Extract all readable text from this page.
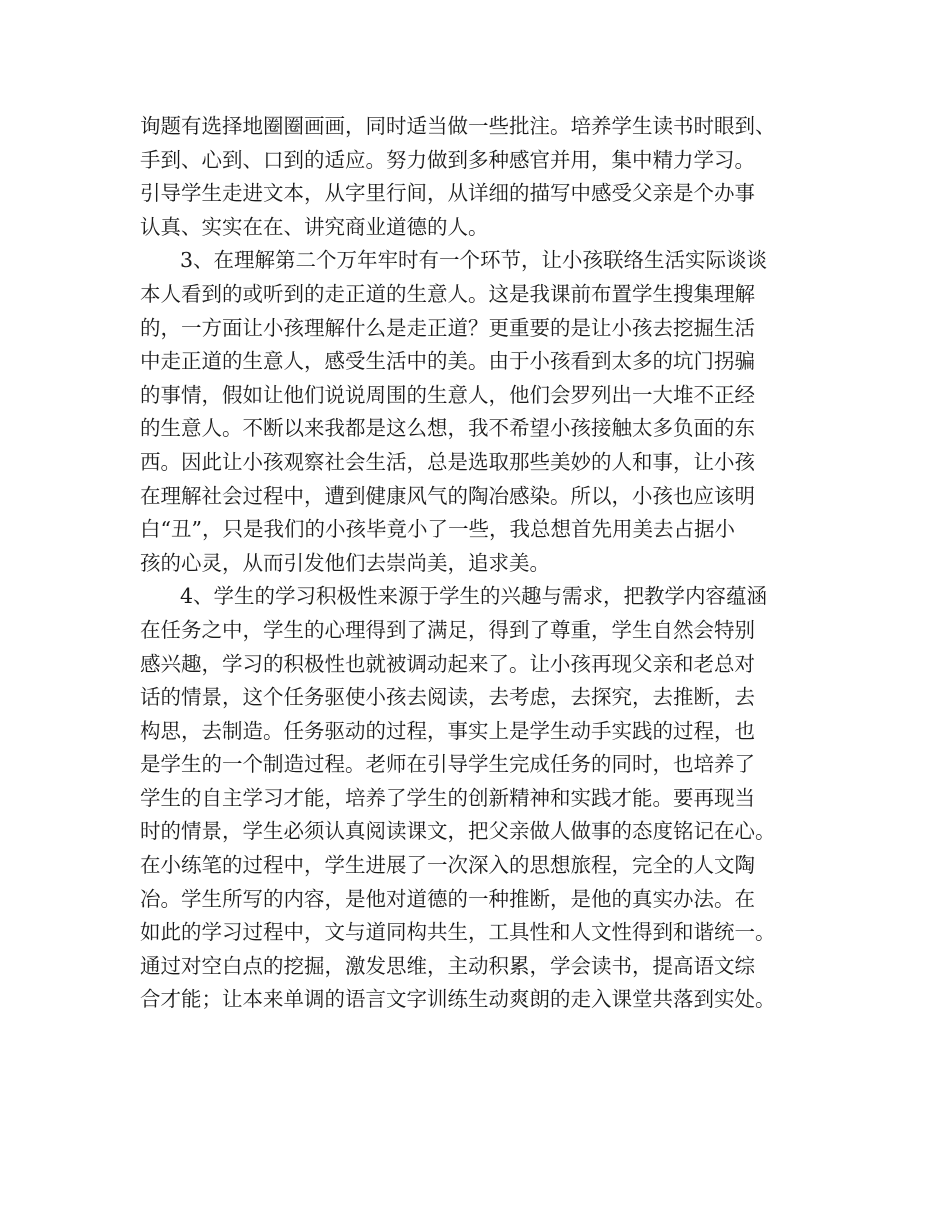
询题有选择地圈圈画画，同时适当做一些批注。培养学生读书时眼到、
手到、心到、口到的适应。努力做到多种感官并用，集中精力学习。
引导学生走进文本，从字里行间，从详细的描写中感受父亲是个办事
认真、实实在在、讲究商业道德的人。
3、在理解第二个万年牢时有一个环节，让小孩联络生活实际谈谈
本人看到的或听到的走正道的生意人。这是我课前布置学生搜集理解
的，一方面让小孩理解什么是走正道？更重要的是让小孩去挖掘生活
中走正道的生意人，感受生活中的美。由于小孩看到太多的坑门拐骗
的事情，假如让他们说说周围的生意人，他们会罗列出一大堆不正经
的生意人。不断以来我都是这么想，我不希望小孩接触太多负面的东
西。因此让小孩观察社会生活，总是选取那些美妙的人和事，让小孩
在理解社会过程中，遭到健康风气的陶冶感染。所以，小孩也应该明
白“丑”，只是我们的小孩毕竟小了一些，我总想首先用美去占据小
孩的心灵，从而引发他们去崇尚美，追求美。
4、学生的学习积极性来源于学生的兴趣与需求，把教学内容蕴涵
在任务之中，学生的心理得到了满足，得到了尊重，学生自然会特别
感兴趣，学习的积极性也就被调动起来了。让小孩再现父亲和老总对
话的情景，这个任务驱使小孩去阅读，去考虑，去探究，去推断，去
构思，去制造。任务驱动的过程，事实上是学生动手实践的过程，也
是学生的一个制造过程。老师在引导学生完成任务的同时，也培养了
学生的自主学习才能，培养了学生的创新精神和实践才能。要再现当
时的情景，学生必须认真阅读课文，把父亲做人做事的态度铭记在心。
在小练笔的过程中，学生进展了一次深入的思想旅程，完全的人文陶
冶。学生所写的内容，是他对道德的一种推断，是他的真实办法。在
如此的学习过程中，文与道同构共生，工具性和人文性得到和谐统一。
通过对空白点的挖掘，激发思维，主动积累，学会读书，提高语文综
合才能；让本来单调的语言文字训练生动爽朗的走入课堂共落到实处。
